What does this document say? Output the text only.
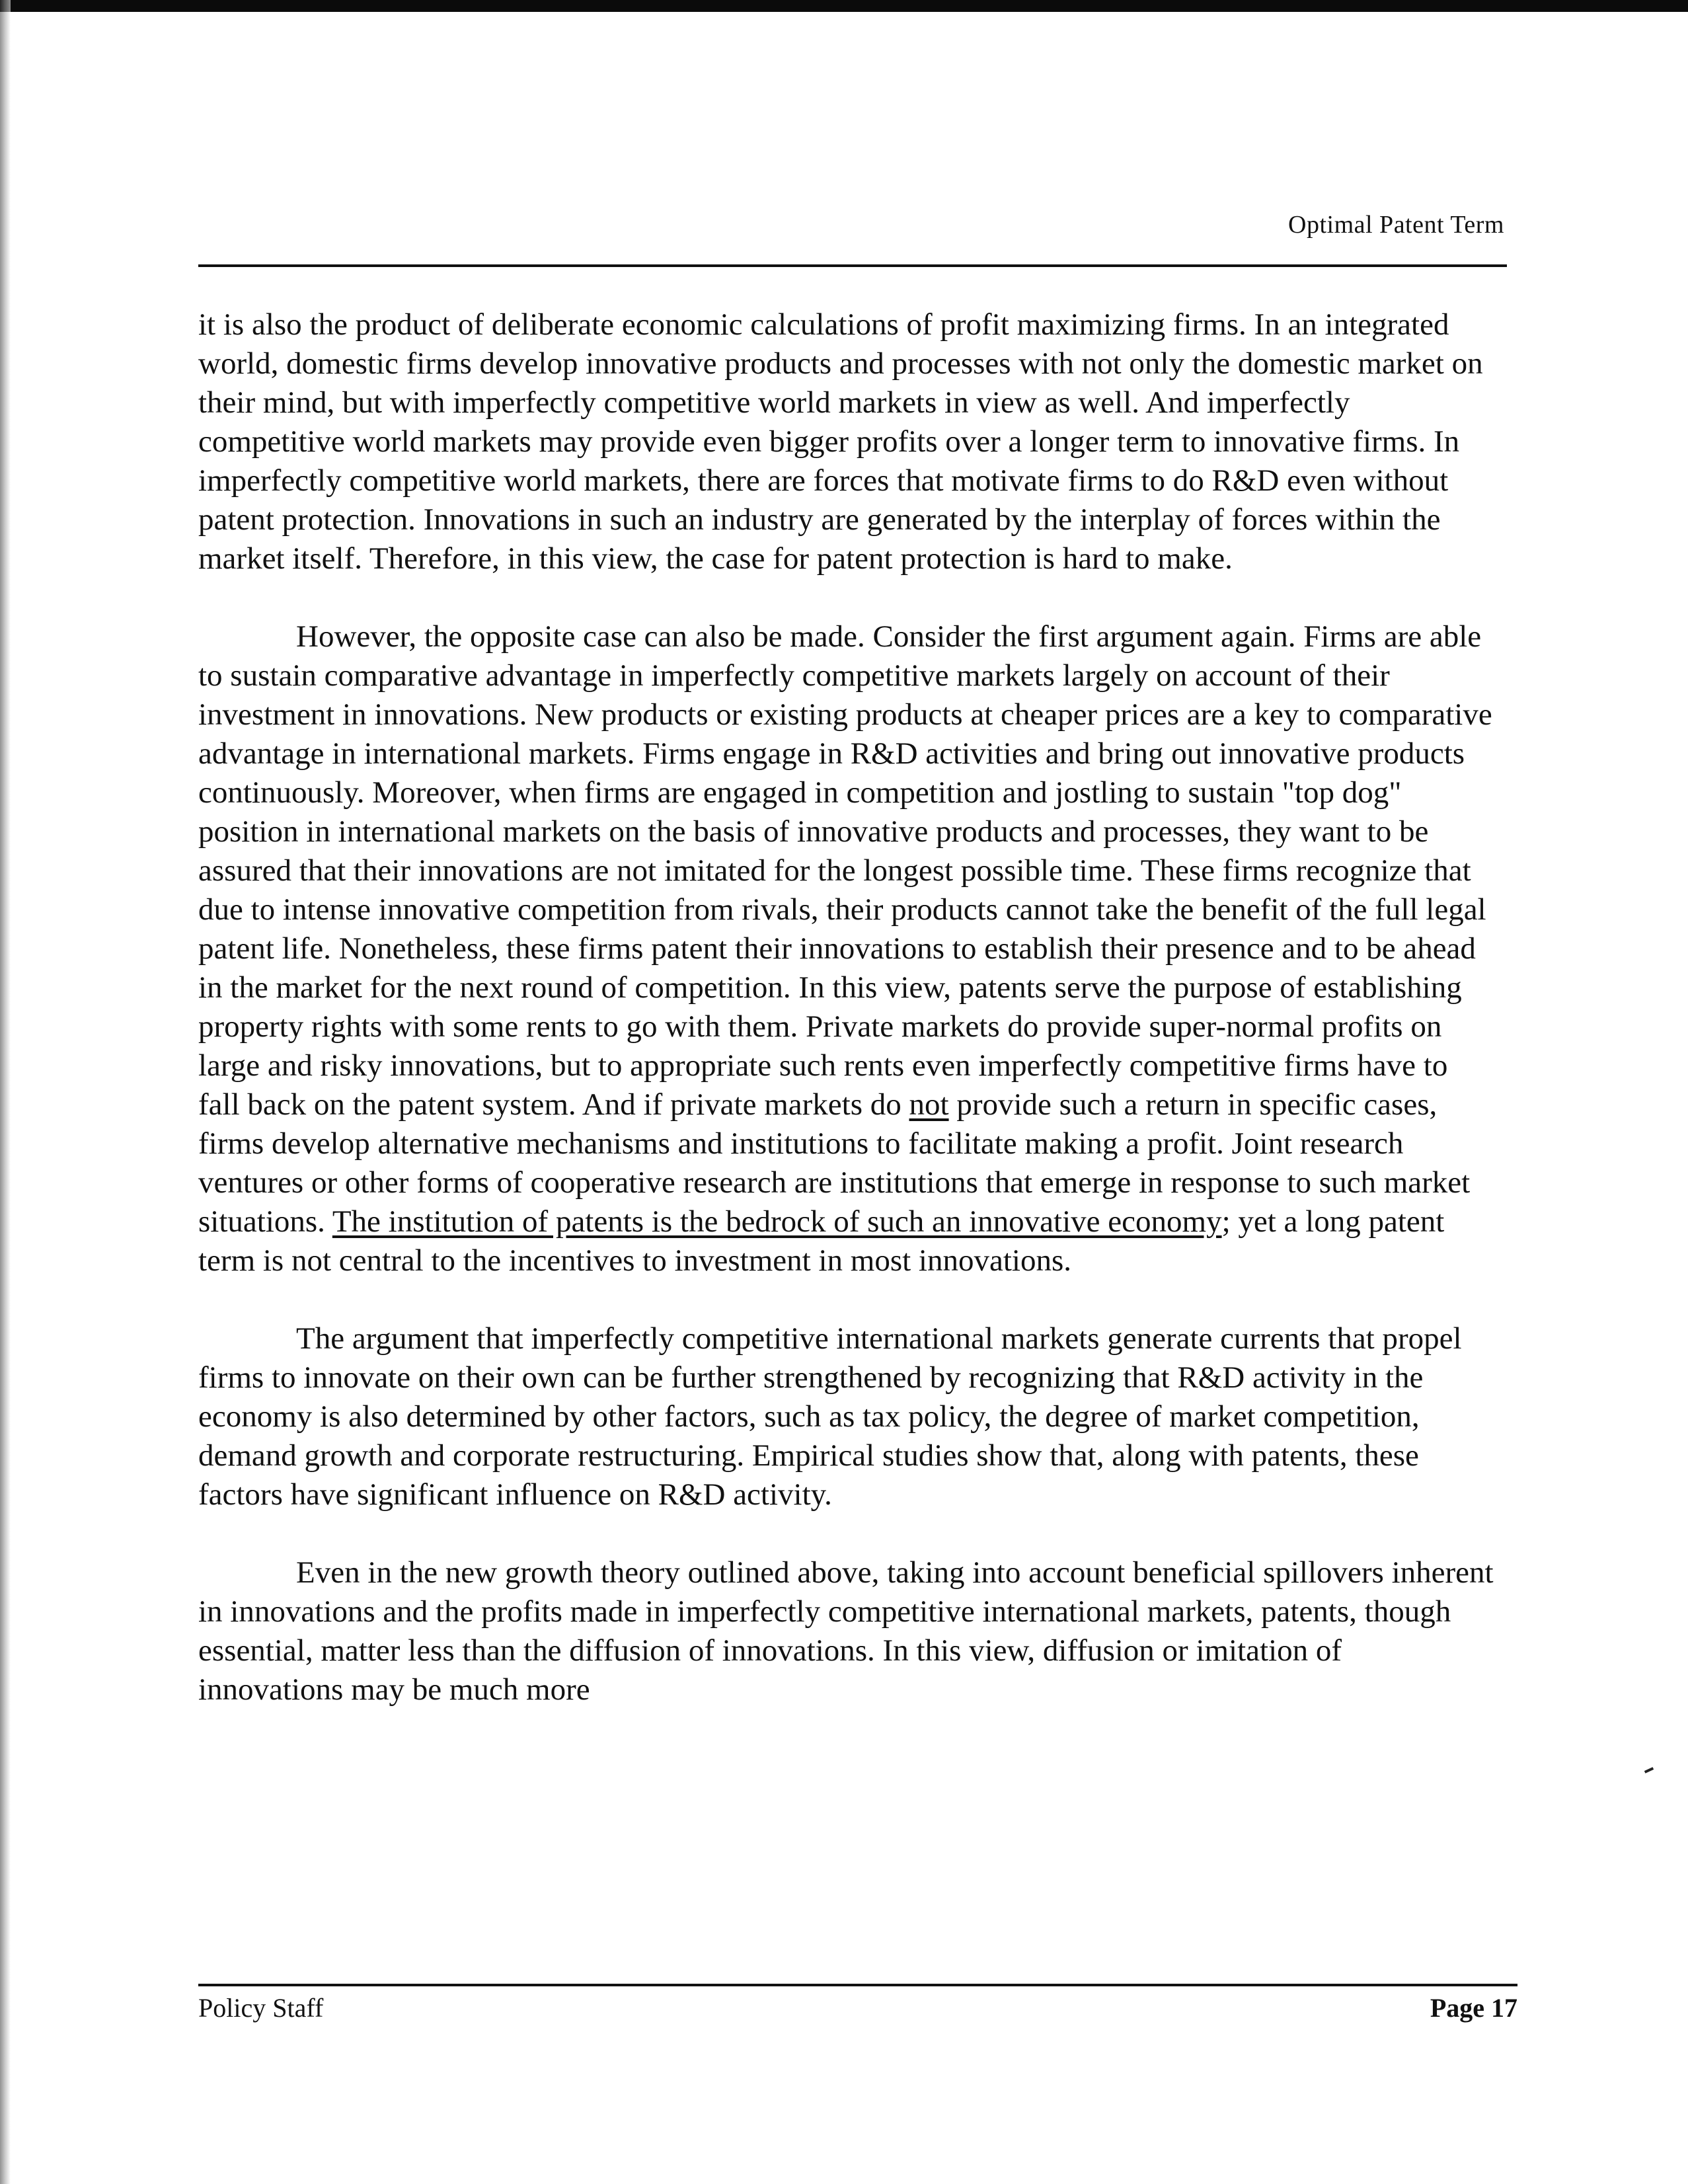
Optimal Patent Term

it is also the product of deliberate economic calculations of profit maximizing firms. In an integrated world, domestic firms develop innovative products and processes with not only the domestic market on their mind, but with imperfectly competitive world markets in view as well. And imperfectly competitive world markets may provide even bigger profits over a longer term to innovative firms. In imperfectly competitive world markets, there are forces that motivate firms to do R&D even without patent protection. Innovations in such an industry are generated by the interplay of forces within the market itself. Therefore, in this view, the case for patent protection is hard to make.

However, the opposite case can also be made. Consider the first argument again. Firms are able to sustain comparative advantage in imperfectly competitive markets largely on account of their investment in innovations. New products or existing products at cheaper prices are a key to comparative advantage in international markets. Firms engage in R&D activities and bring out innovative products continuously. Moreover, when firms are engaged in competition and jostling to sustain "top dog" position in international markets on the basis of innovative products and processes, they want to be assured that their innovations are not imitated for the longest possible time. These firms recognize that due to intense innovative competition from rivals, their products cannot take the benefit of the full legal patent life. Nonetheless, these firms patent their innovations to establish their presence and to be ahead in the market for the next round of competition. In this view, patents serve the purpose of establishing property rights with some rents to go with them. Private markets do provide super-normal profits on large and risky innovations, but to appropriate such rents even imperfectly competitive firms have to fall back on the patent system. And if private markets do not provide such a return in specific cases, firms develop alternative mechanisms and institutions to facilitate making a profit. Joint research ventures or other forms of cooperative research are institutions that emerge in response to such market situations. The institution of patents is the bedrock of such an innovative economy; yet a long patent term is not central to the incentives to investment in most innovations.

The argument that imperfectly competitive international markets generate currents that propel firms to innovate on their own can be further strengthened by recognizing that R&D activity in the economy is also determined by other factors, such as tax policy, the degree of market competition, demand growth and corporate restructuring. Empirical studies show that, along with patents, these factors have significant influence on R&D activity.

Even in the new growth theory outlined above, taking into account beneficial spillovers inherent in innovations and the profits made in imperfectly competitive international markets, patents, though essential, matter less than the diffusion of innovations. In this view, diffusion or imitation of innovations may be much more

Policy Staff	Page 17
